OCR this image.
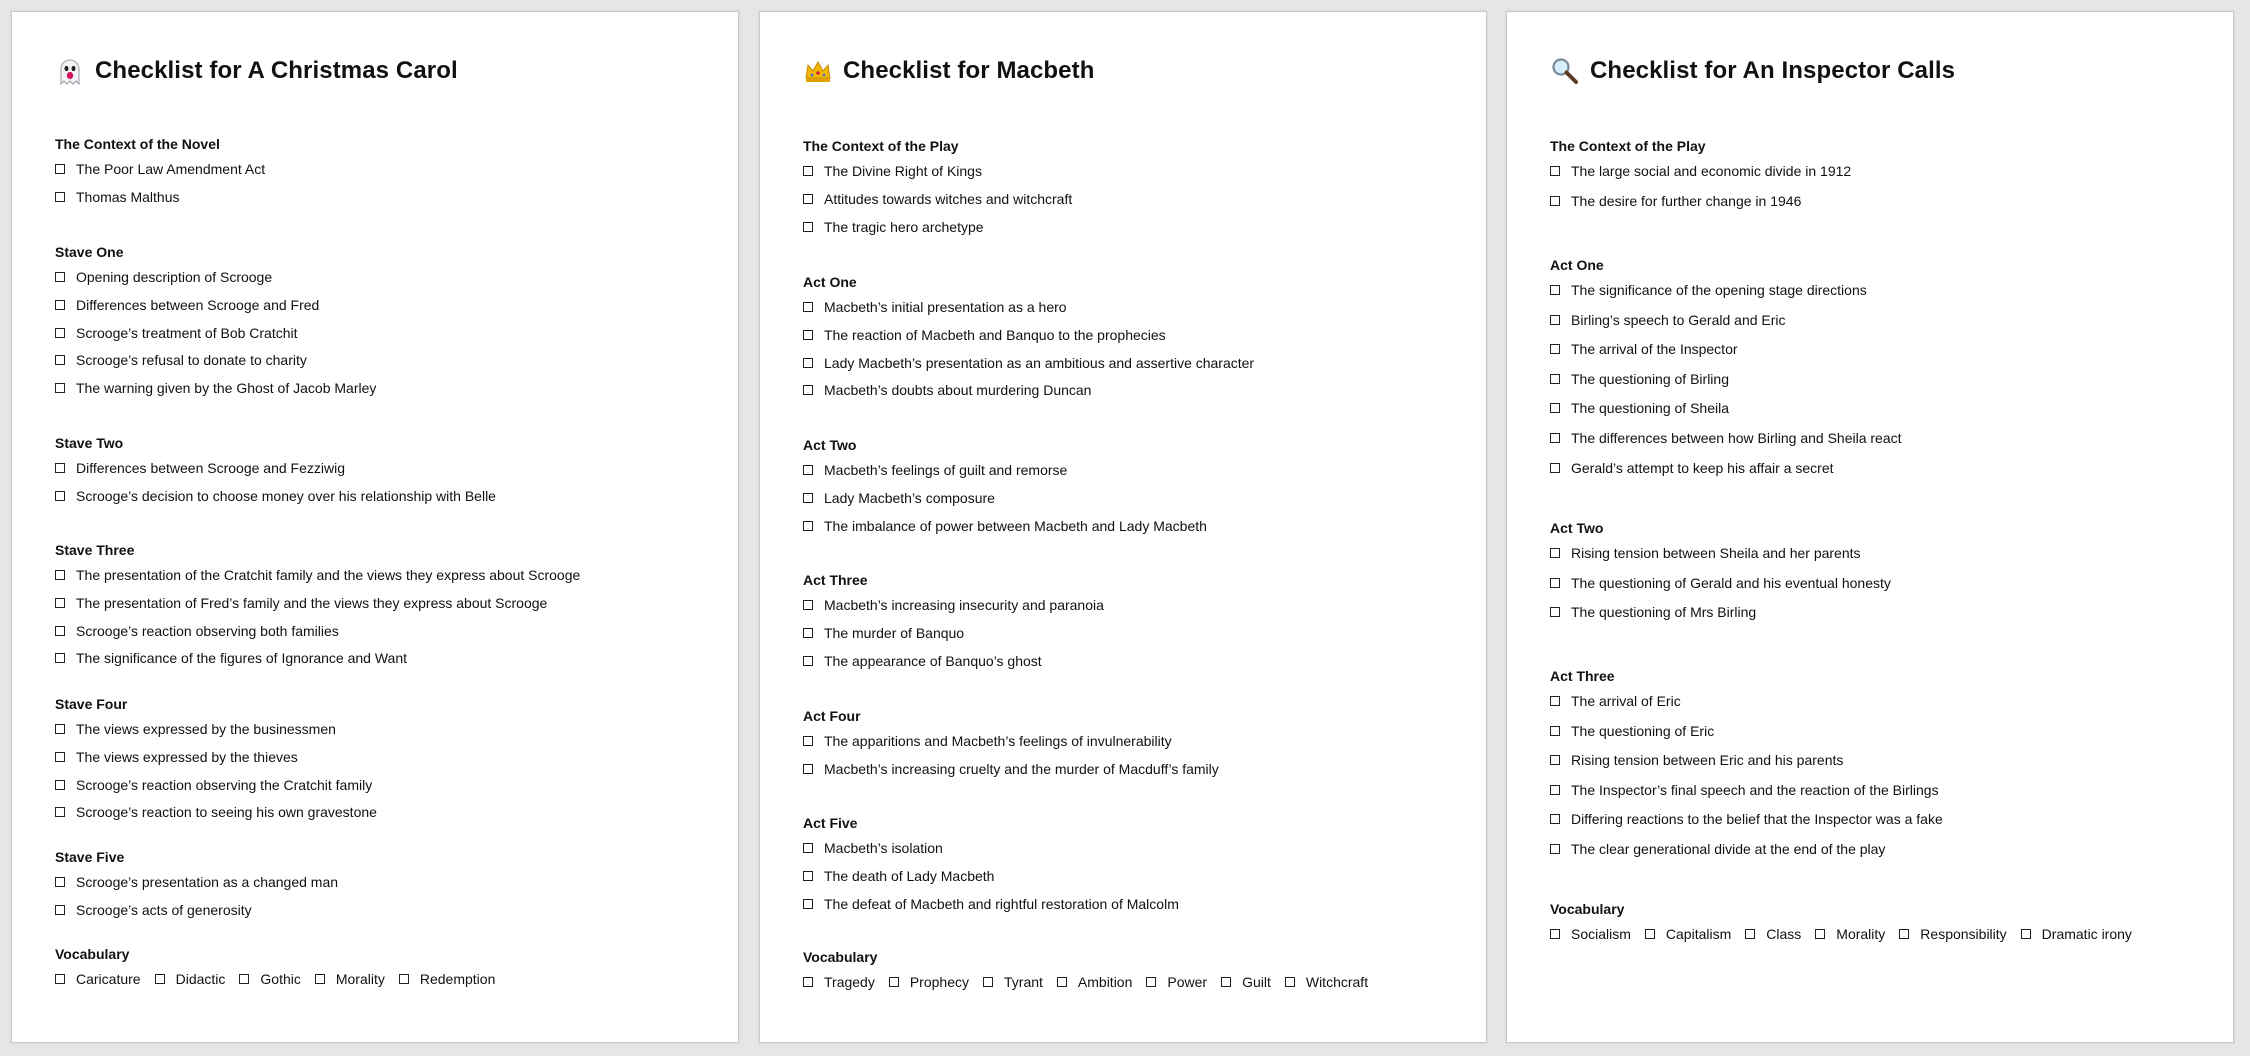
Checklist for A Christmas Carol
The Context of the Novel
The Poor Law Amendment Act
Thomas Malthus
Stave One
Opening description of Scrooge
Differences between Scrooge and Fred
Scrooge’s treatment of Bob Cratchit
Scrooge’s refusal to donate to charity
The warning given by the Ghost of Jacob Marley
Stave Two
Differences between Scrooge and Fezziwig
Scrooge’s decision to choose money over his relationship with Belle
Stave Three
The presentation of the Cratchit family and the views they express about Scrooge
The presentation of Fred’s family and the views they express about Scrooge
Scrooge’s reaction observing both families
The significance of the figures of Ignorance and Want
Stave Four
The views expressed by the businessmen
The views expressed by the thieves
Scrooge’s reaction observing the Cratchit family
Scrooge’s reaction to seeing his own gravestone
Stave Five
Scrooge’s presentation as a changed man
Scrooge’s acts of generosity
Vocabulary
Caricature	Didactic	Gothic	Morality	Redemption
Checklist for Macbeth
The Context of the Play
The Divine Right of Kings
Attitudes towards witches and witchcraft
The tragic hero archetype
Act One
Macbeth’s initial presentation as a hero
The reaction of Macbeth and Banquo to the prophecies
Lady Macbeth’s presentation as an ambitious and assertive character
Macbeth’s doubts about murdering Duncan
Act Two
Macbeth’s feelings of guilt and remorse
Lady Macbeth’s composure
The imbalance of power between Macbeth and Lady Macbeth
Act Three
Macbeth’s increasing insecurity and paranoia
The murder of Banquo
The appearance of Banquo’s ghost
Act Four
The apparitions and Macbeth’s feelings of invulnerability
Macbeth’s increasing cruelty and the murder of Macduff’s family
Act Five
Macbeth’s isolation
The death of Lady Macbeth
The defeat of Macbeth and rightful restoration of Malcolm
Vocabulary
Tragedy	Prophecy	Tyrant	Ambition	Power	Guilt	Witchcraft
Checklist for An Inspector Calls
The Context of the Play
The large social and economic divide in 1912
The desire for further change in 1946
Act One
The significance of the opening stage directions
Birling’s speech to Gerald and Eric
The arrival of the Inspector
The questioning of Birling
The questioning of Sheila
The differences between how Birling and Sheila react
Gerald’s attempt to keep his affair a secret
Act Two
Rising tension between Sheila and her parents
The questioning of Gerald and his eventual honesty
The questioning of Mrs Birling
Act Three
The arrival of Eric
The questioning of Eric
Rising tension between Eric and his parents
The Inspector’s final speech and the reaction of the Birlings
Differing reactions to the belief that the Inspector was a fake
The clear generational divide at the end of the play
Vocabulary
Socialism	Capitalism	Class	Morality	Responsibility	Dramatic irony
